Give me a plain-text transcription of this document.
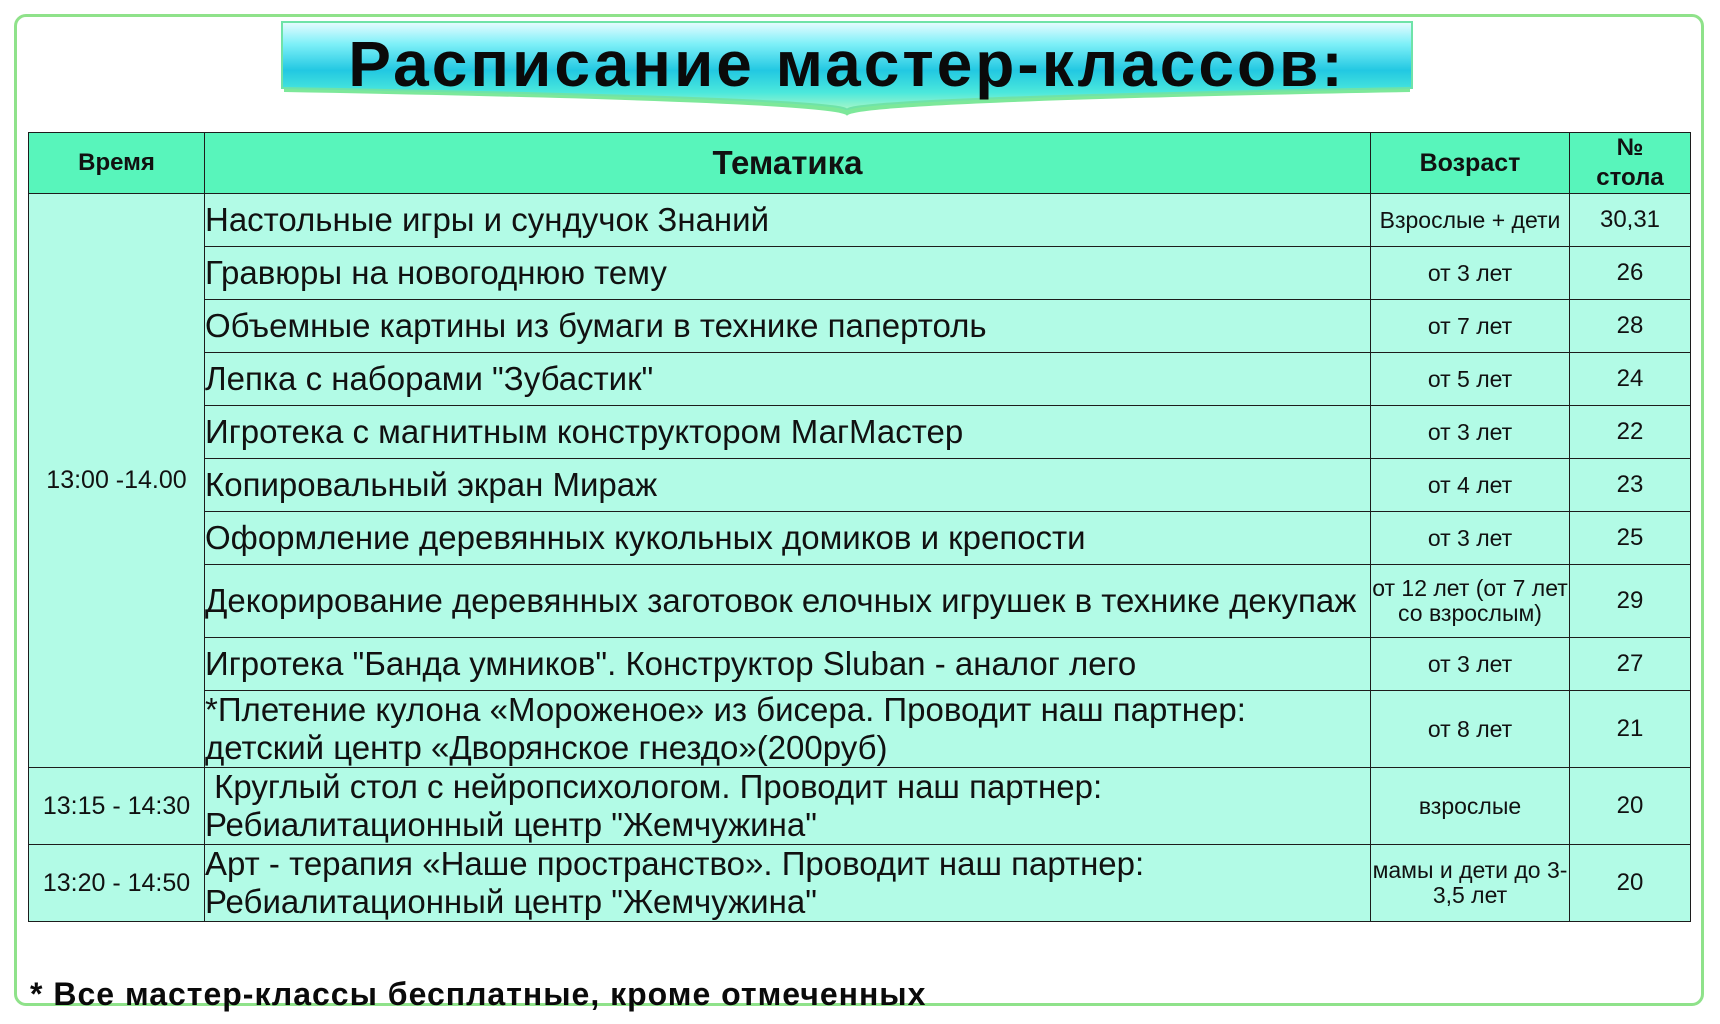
Расписание мастер-классов:
Время	Тематика	Возраст	№
стола
13:00 -14.00	Настольные игры и сундучок Знаний	Взрослые + дети	30,31
	Гравюры на новогоднюю тему	от 3 лет	26
	Объемные картины из бумаги в технике папертоль	от 7 лет	28
	Лепка с наборами "Зубастик"	от 5 лет	24
	Игротека с магнитным конструктором МагМастер	от 3 лет	22
	Копировальный экран Мираж	от 4 лет	23
	Оформление деревянных кукольных домиков и крепости	от 3 лет	25
	Декорирование деревянных заготовок елочных игрушек в технике декупаж	от 12 лет (от 7 лет со взрослым)	29
	Игротека "Банда умников". Конструктор Sluban - аналог лего	от 3 лет	27
	*Плетение кулона «Мороженое» из бисера. Проводит наш партнер: детский центр «Дворянское гнездо»(200руб)	от 8 лет	21
13:15 - 14:30	Круглый стол с нейропсихологом. Проводит наш партнер: Ребиалитационный центр "Жемчужина"	взрослые	20
13:20 - 14:50	Арт - терапия «Наше пространство». Проводит наш партнер: Ребиалитационный центр "Жемчужина"	мамы и дети до 3-3,5 лет	20
* Все мастер-классы бесплатные, кроме отмеченных
